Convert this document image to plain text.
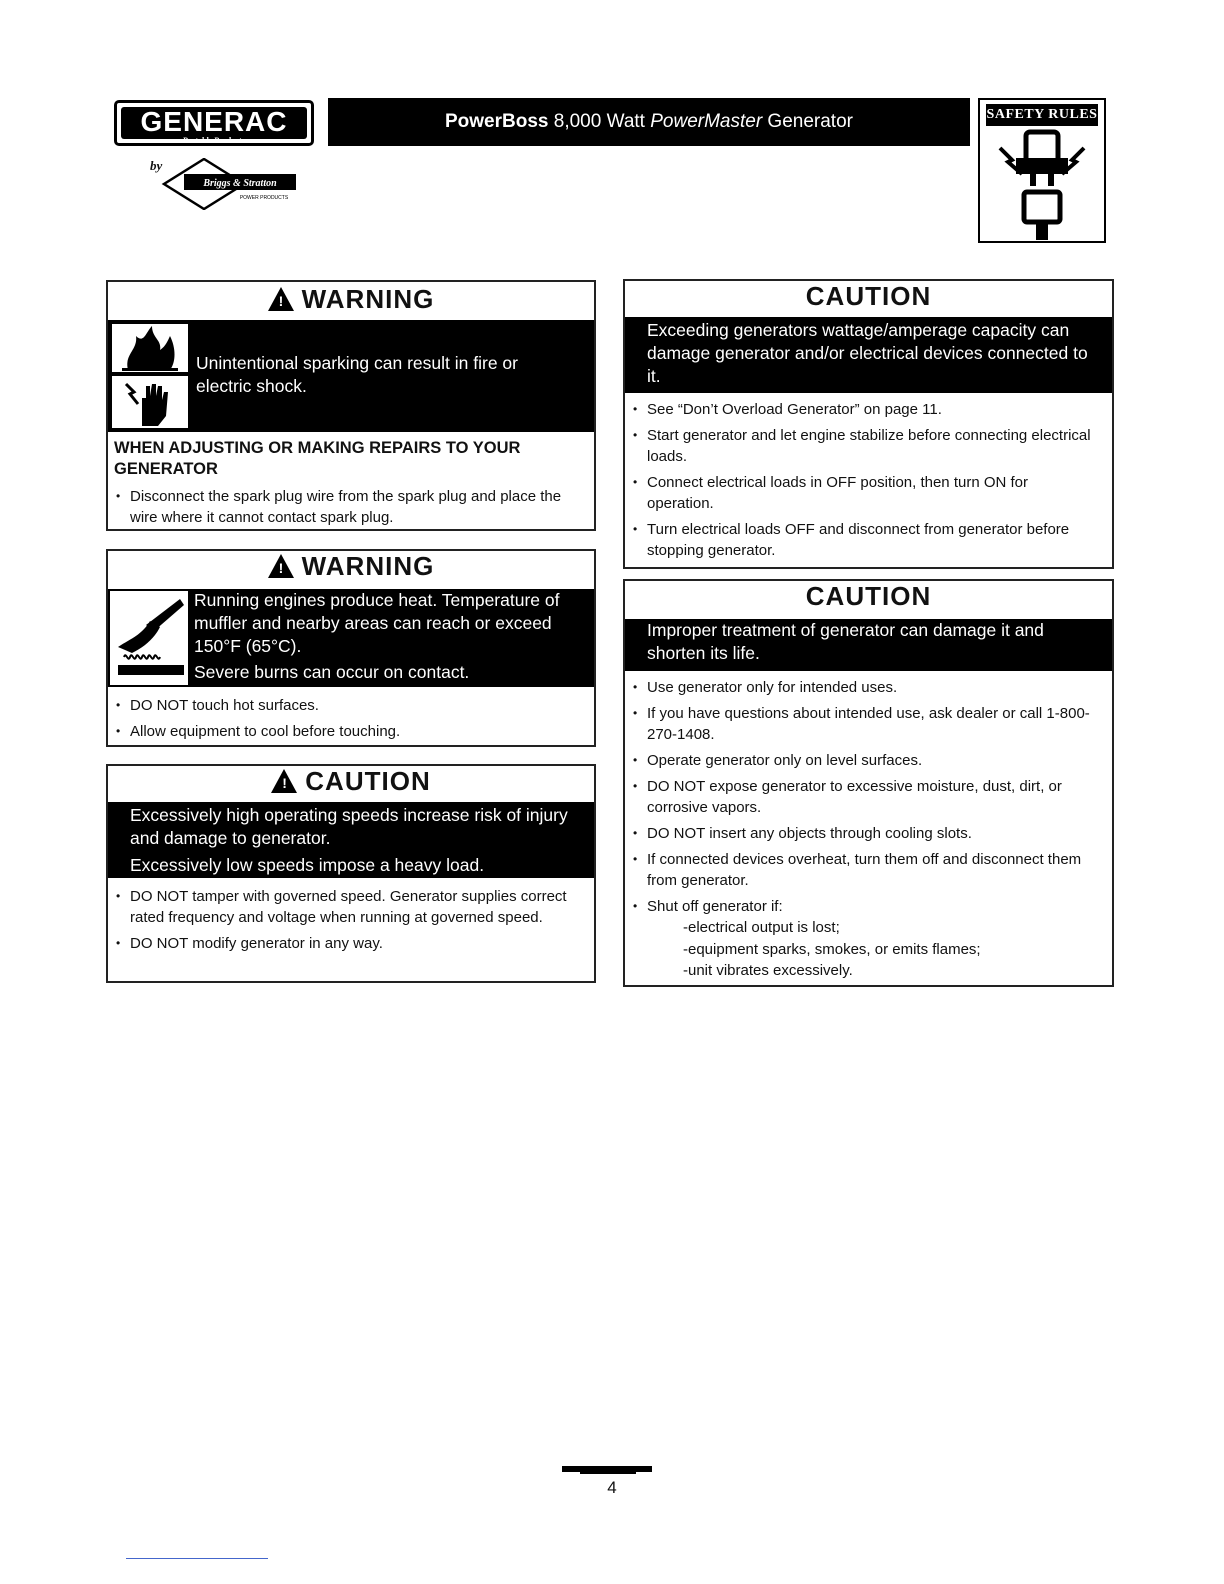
GENERAC
Portable Products
by
Briggs & Stratton
POWER PRODUCTS
PowerBoss 8,000 Watt PowerMaster Generator	SAFETY RULES
! WARNING
Unintentional sparking can result in fire or electric shock.
WHEN ADJUSTING OR MAKING REPAIRS TO YOUR GENERATOR
• Disconnect the spark plug wire from the spark plug and place the wire where it cannot contact spark plug.
! WARNING
Running engines produce heat. Temperature of muffler and nearby areas can reach or exceed 150°F (65°C).
Severe burns can occur on contact.
• DO NOT touch hot surfaces.
• Allow equipment to cool before touching.
! CAUTION
Excessively high operating speeds increase risk of injury and damage to generator.
Excessively low speeds impose a heavy load.
• DO NOT tamper with governed speed. Generator supplies correct rated frequency and voltage when running at governed speed.
• DO NOT modify generator in any way.
CAUTION
Exceeding generators wattage/amperage capacity can damage generator and/or electrical devices connected to it.
• See “Don’t Overload Generator” on page 11.
• Start generator and let engine stabilize before connecting electrical loads.
• Connect electrical loads in OFF position, then turn ON for operation.
• Turn electrical loads OFF and disconnect from generator before stopping generator.
CAUTION
Improper treatment of generator can damage it and shorten its life.
• Use generator only for intended uses.
• If you have questions about intended use, ask dealer or call 1-800-270-1408.
• Operate generator only on level surfaces.
• DO NOT expose generator to excessive moisture, dust, dirt, or corrosive vapors.
• DO NOT insert any objects through cooling slots.
• If connected devices overheat, turn them off and disconnect them from generator.
• Shut off generator if:
-electrical output is lost;
-equipment sparks, smokes, or emits flames;
-unit vibrates excessively.
4
